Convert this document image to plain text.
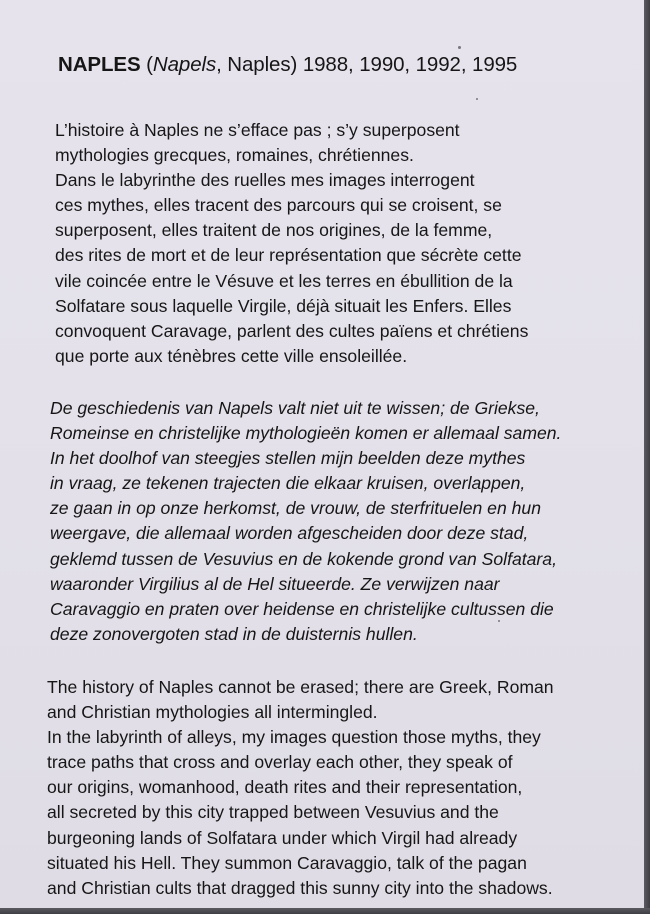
NAPLES (Napels, Naples) 1988, 1990, 1992, 1995
L’histoire à Naples ne s’efface pas ; s’y superposent
mythologies grecques, romaines, chrétiennes.
Dans le labyrinthe des ruelles mes images interrogent
ces mythes, elles tracent des parcours qui se croisent, se
superposent, elles traitent de nos origines, de la femme,
des rites de mort et de leur représentation que sécrète cette
vile coincée entre le Vésuve et les terres en ébullition de la
Solfatare sous laquelle Virgile, déjà situait les Enfers. Elles
convoquent Caravage, parlent des cultes païens et chrétiens
que porte aux ténèbres cette ville ensoleillée.
De geschiedenis van Napels valt niet uit te wissen; de Griekse,
Romeinse en christelijke mythologieën komen er allemaal samen.
In het doolhof van steegjes stellen mijn beelden deze mythes
in vraag, ze tekenen trajecten die elkaar kruisen, overlappen,
ze gaan in op onze herkomst, de vrouw, de sterfrituelen en hun
weergave, die allemaal worden afgescheiden door deze stad,
geklemd tussen de Vesuvius en de kokende grond van Solfatara,
waaronder Virgilius al de Hel situeerde. Ze verwijzen naar
Caravaggio en praten over heidense en christelijke cultussen die
deze zonovergoten stad in de duisternis hullen.
The history of Naples cannot be erased; there are Greek, Roman
and Christian mythologies all intermingled.
In the labyrinth of alleys, my images question those myths, they
trace paths that cross and overlay each other, they speak of
our origins, womanhood, death rites and their representation,
all secreted by this city trapped between Vesuvius and the
burgeoning lands of Solfatara under which Virgil had already
situated his Hell. They summon Caravaggio, talk of the pagan
and Christian cults that dragged this sunny city into the shadows.
